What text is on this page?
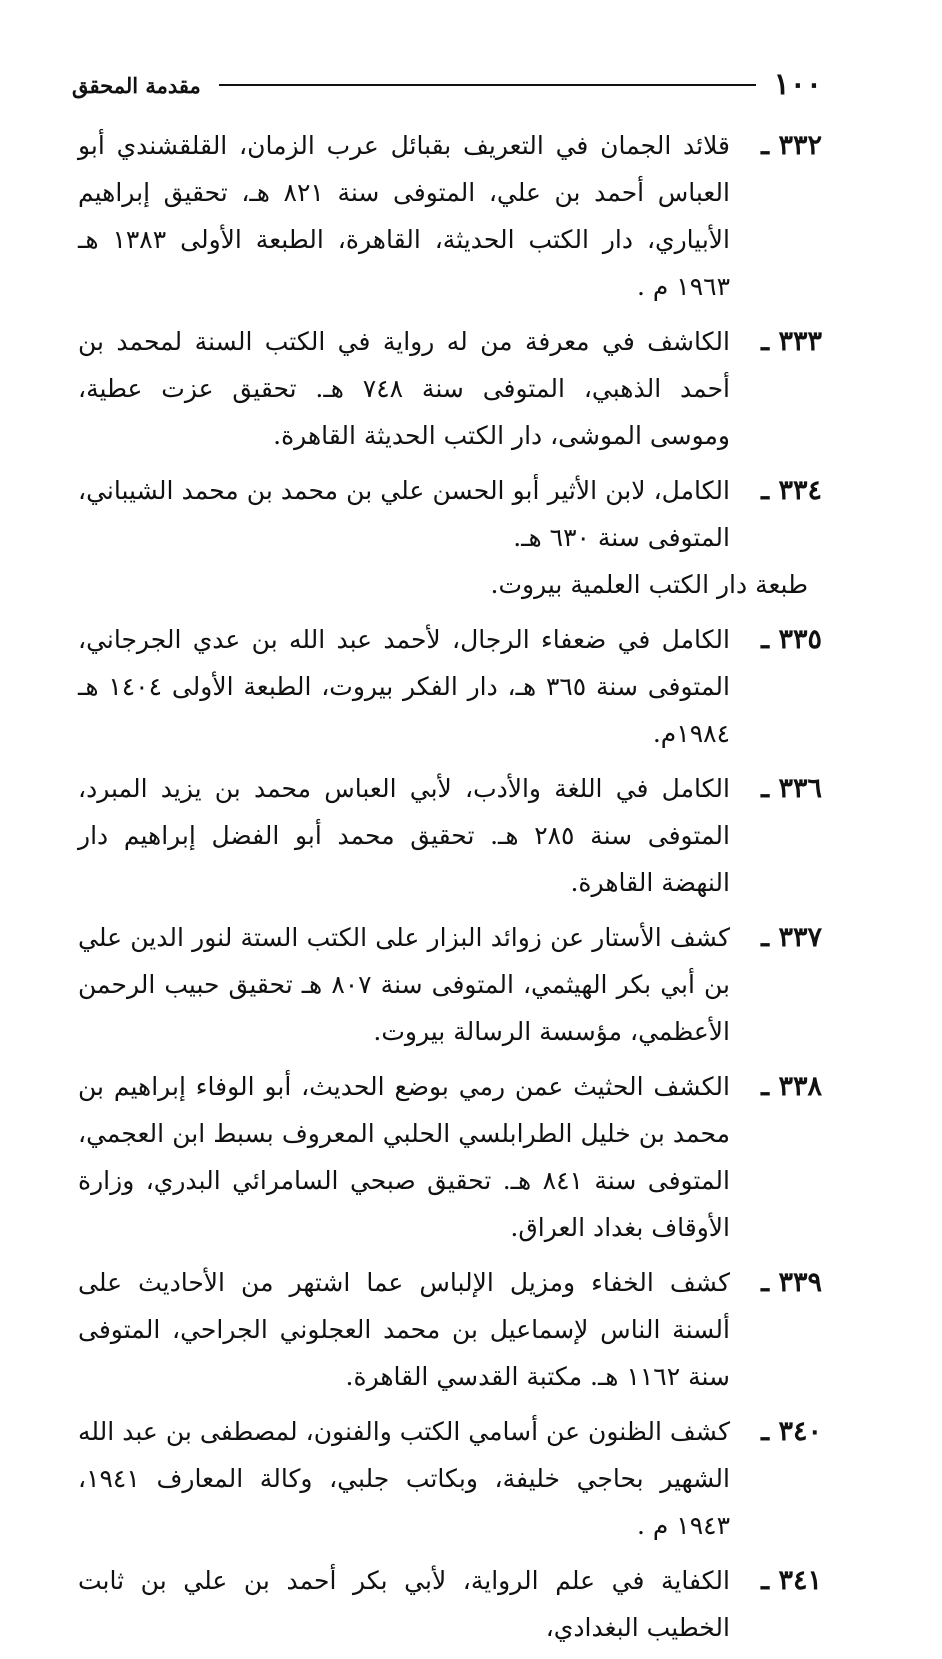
١٠٠
مقدمة المحقق
٣٣٢ ـ
قلائد الجمان في التعريف بقبائل عرب الزمان، القلقشندي أبو العباس أحمد بن علي، المتوفى سنة ٨٢١ هـ، تحقيق إبراهيم الأبياري، دار الكتب الحديثة، القاهرة، الطبعة الأولى ١٣٨٣ هـ ١٩٦٣ م .
٣٣٣ ـ
الكاشف في معرفة من له رواية في الكتب السنة لمحمد بن أحمد الذهبي، المتوفى سنة ٧٤٨ هـ. تحقيق عزت عطية، وموسى الموشى، دار الكتب الحديثة القاهرة.
٣٣٤ ـ
الكامل، لابن الأثير أبو الحسن علي بن محمد بن محمد الشيباني، المتوفى سنة ٦٣٠ هـ.
طبعة دار الكتب العلمية بيروت.
٣٣٥ ـ
الكامل في ضعفاء الرجال، لأحمد عبد الله بن عدي الجرجاني، المتوفى سنة ٣٦٥ هـ، دار الفكر بيروت، الطبعة الأولى ١٤٠٤ هـ ١٩٨٤م.
٣٣٦ ـ
الكامل في اللغة والأدب، لأبي العباس محمد بن يزيد المبرد، المتوفى سنة ٢٨٥ هـ. تحقيق محمد أبو الفضل إبراهيم دار النهضة القاهرة.
٣٣٧ ـ
كشف الأستار عن زوائد البزار على الكتب الستة لنور الدين علي بن أبي بكر الهيثمي، المتوفى سنة ٨٠٧ هـ تحقيق حبيب الرحمن الأعظمي، مؤسسة الرسالة بيروت.
٣٣٨ ـ
الكشف الحثيث عمن رمي بوضع الحديث، أبو الوفاء إبراهيم بن محمد بن خليل الطرابلسي الحلبي المعروف بسبط ابن العجمي، المتوفى سنة ٨٤١ هـ. تحقيق صبحي السامرائي البدري، وزارة الأوقاف بغداد العراق.
٣٣٩ ـ
كشف الخفاء ومزيل الإلباس عما اشتهر من الأحاديث على ألسنة الناس لإسماعيل بن محمد العجلوني الجراحي، المتوفى سنة ١١٦٢ هـ. مكتبة القدسي القاهرة.
٣٤٠ ـ
كشف الظنون عن أسامي الكتب والفنون، لمصطفى بن عبد الله الشهير بحاجي خليفة، وبكاتب جلبي، وكالة المعارف ١٩٤١، ١٩٤٣ م .
٣٤١ ـ
الكفاية في علم الرواية، لأبي بكر أحمد بن علي بن ثابت الخطيب البغدادي،
